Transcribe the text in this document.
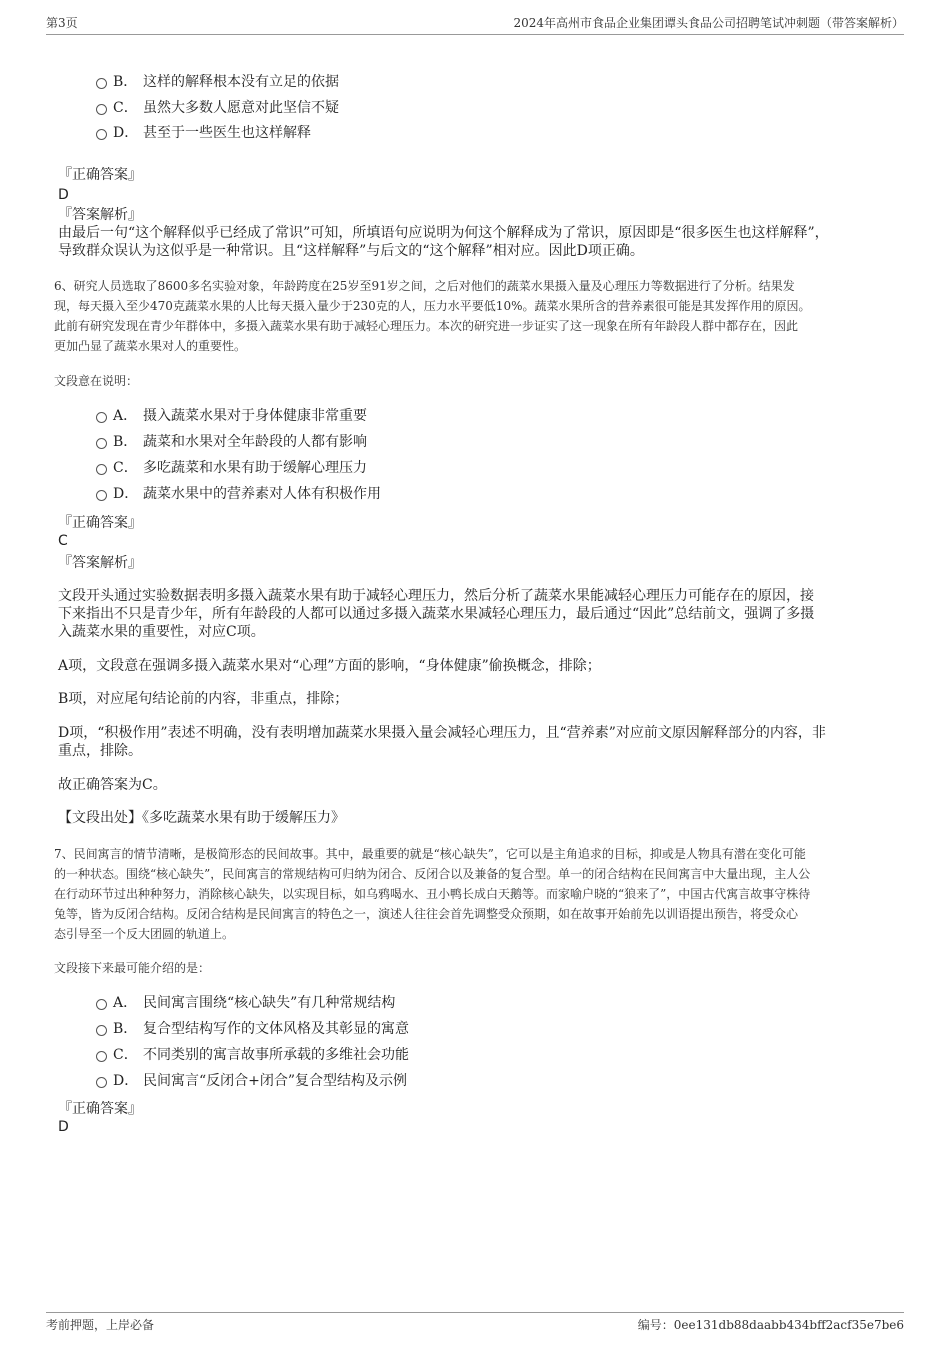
第3页	2024年高州市食品企业集团谭头食品公司招聘笔试冲刺题（带答案解析）
B． 这样的解释根本没有立足的依据
C． 虽然大多数人愿意对此坚信不疑
D． 甚至于一些医生也这样解释
『正确答案』
D
『答案解析』
由最后一句“这个解释似乎已经成了常识”可知，所填语句应说明为何这个解释成为了常识，原因即是“很多医生也这样解释”，
导致群众误认为这似乎是一种常识。且“这样解释”与后文的“这个解释”相对应。因此D项正确。
6、研究人员选取了8600多名实验对象，年龄跨度在25岁至91岁之间，之后对他们的蔬菜水果摄入量及心理压力等数据进行了分析。结果发
现，每天摄入至少470克蔬菜水果的人比每天摄入量少于230克的人，压力水平要低10%。蔬菜水果所含的营养素很可能是其发挥作用的原因。
此前有研究发现在青少年群体中，多摄入蔬菜水果有助于减轻心理压力。本次的研究进一步证实了这一现象在所有年龄段人群中都存在，因此
更加凸显了蔬菜水果对人的重要性。
文段意在说明：
A． 摄入蔬菜水果对于身体健康非常重要
B． 蔬菜和水果对全年龄段的人都有影响
C． 多吃蔬菜和水果有助于缓解心理压力
D． 蔬菜水果中的营养素对人体有积极作用
『正确答案』
C
『答案解析』
文段开头通过实验数据表明多摄入蔬菜水果有助于减轻心理压力，然后分析了蔬菜水果能减轻心理压力可能存在的原因，接
下来指出不只是青少年，所有年龄段的人都可以通过多摄入蔬菜水果减轻心理压力，最后通过“因此”总结前文，强调了多摄
入蔬菜水果的重要性，对应C项。
A项，文段意在强调多摄入蔬菜水果对“心理”方面的影响，“身体健康”偷换概念，排除；
B项，对应尾句结论前的内容，非重点，排除；
D项，“积极作用”表述不明确，没有表明增加蔬菜水果摄入量会减轻心理压力，且“营养素”对应前文原因解释部分的内容，非
重点，排除。
故正确答案为C。
【文段出处】《多吃蔬菜水果有助于缓解压力》
7、民间寓言的情节清晰，是极简形态的民间故事。其中，最重要的就是“核心缺失”，它可以是主角追求的目标，抑或是人物具有潜在变化可能
的一种状态。围绕“核心缺失”，民间寓言的常规结构可归纳为闭合、反闭合以及兼备的复合型。单一的闭合结构在民间寓言中大量出现，主人公
在行动环节过出种种努力，消除核心缺失，以实现目标，如乌鸦喝水、丑小鸭长成白天鹅等。而家喻户晓的“狼来了”，中国古代寓言故事守株待
兔等，皆为反闭合结构。反闭合结构是民间寓言的特色之一，演述人往往会首先调整受众预期，如在故事开始前先以训语提出预告，将受众心
态引导至一个反大团圆的轨道上。
文段接下来最可能介绍的是：
A． 民间寓言围绕“核心缺失”有几种常规结构
B． 复合型结构写作的文体风格及其彰显的寓意
C． 不同类别的寓言故事所承载的多维社会功能
D． 民间寓言“反闭合+闭合”复合型结构及示例
『正确答案』
D
考前押题，上岸必备	编号：0ee131db88daabb434bff2acf35e7be6
